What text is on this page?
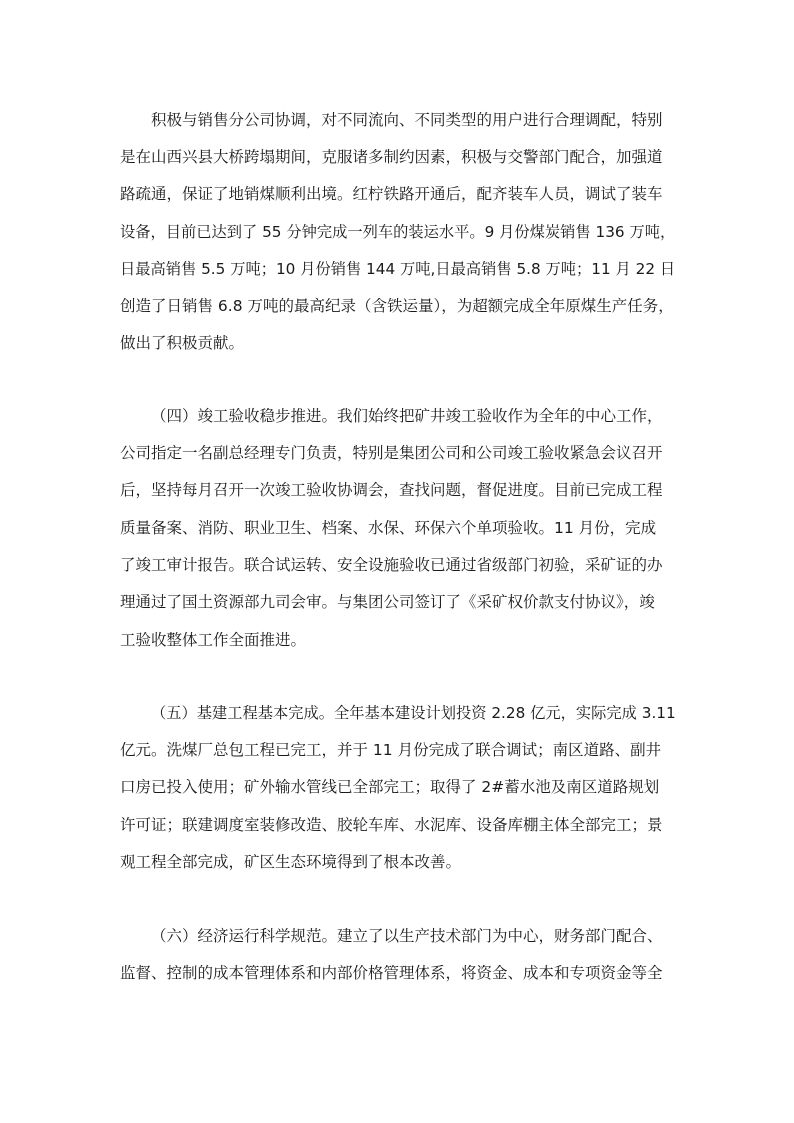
积极与销售分公司协调，对不同流向、不同类型的用户进行合理调配，特别
是在山西兴县大桥跨塌期间，克服诸多制约因素，积极与交警部门配合，加强道
路疏通，保证了地销煤顺利出境。红柠铁路开通后，配齐装车人员，调试了装车
设备，目前已达到了 55 分钟完成一列车的装运水平。9 月份煤炭销售 136 万吨，
日最高销售 5.5 万吨；10 月份销售 144 万吨,日最高销售 5.8 万吨；11 月 22 日
创造了日销售 6.8 万吨的最高纪录（含铁运量），为超额完成全年原煤生产任务，
做出了积极贡献。
（四）竣工验收稳步推进。我们始终把矿井竣工验收作为全年的中心工作，
公司指定一名副总经理专门负责，特别是集团公司和公司竣工验收紧急会议召开
后，坚持每月召开一次竣工验收协调会，查找问题，督促进度。目前已完成工程
质量备案、消防、职业卫生、档案、水保、环保六个单项验收。11 月份，完成
了竣工审计报告。联合试运转、安全设施验收已通过省级部门初验，采矿证的办
理通过了国土资源部九司会审。与集团公司签订了《采矿权价款支付协议》，竣
工验收整体工作全面推进。
（五）基建工程基本完成。全年基本建设计划投资 2.28 亿元，实际完成 3.11
亿元。洗煤厂总包工程已完工，并于 11 月份完成了联合调试；南区道路、副井
口房已投入使用；矿外输水管线已全部完工；取得了 2#蓄水池及南区道路规划
许可证；联建调度室装修改造、胶轮车库、水泥库、设备库棚主体全部完工；景
观工程全部完成，矿区生态环境得到了根本改善。
（六）经济运行科学规范。建立了以生产技术部门为中心，财务部门配合、
监督、控制的成本管理体系和内部价格管理体系，将资金、成本和专项资金等全
